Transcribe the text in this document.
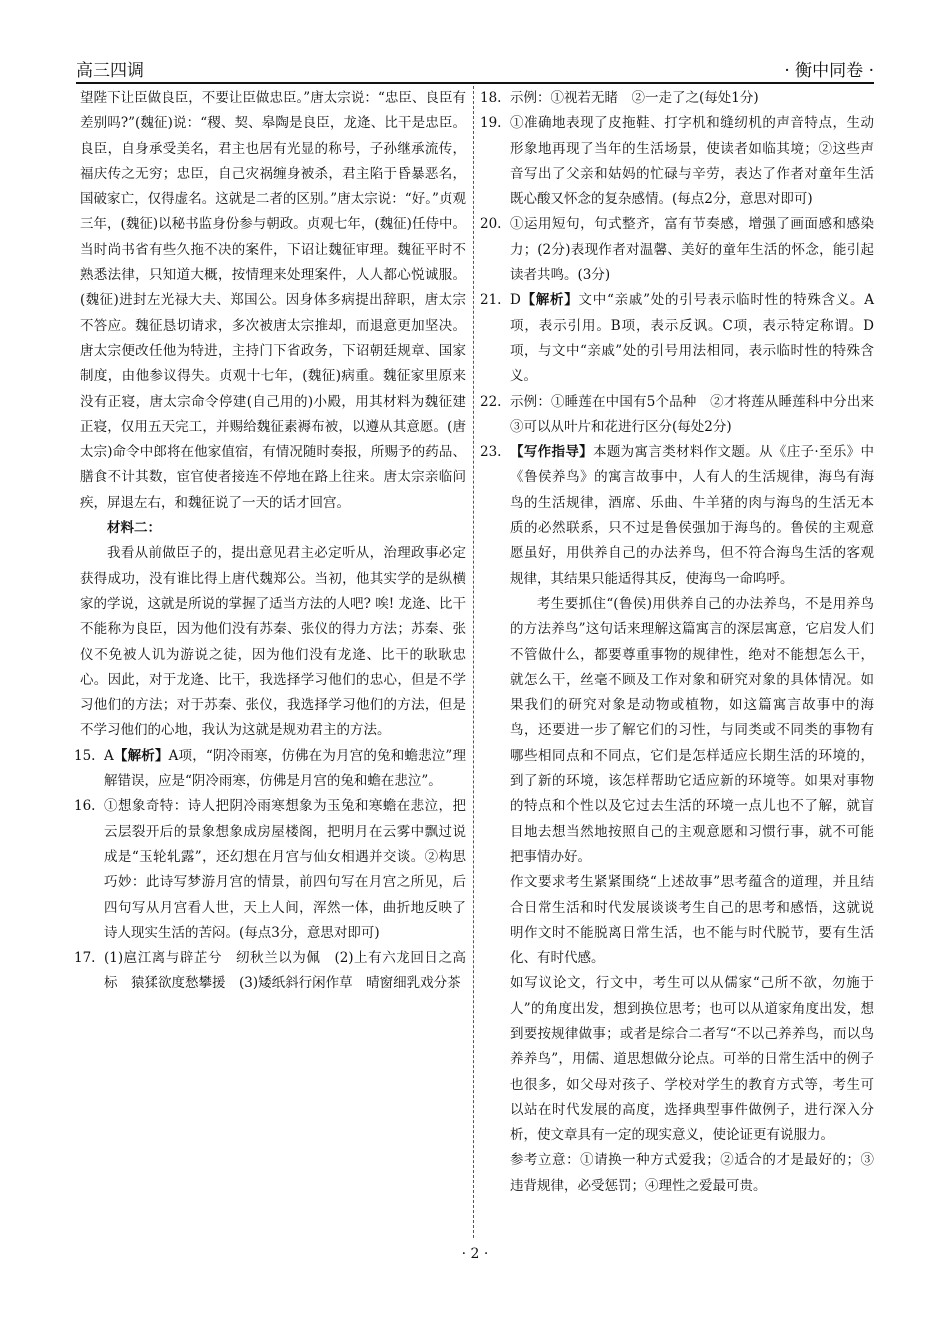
高三四调	· 衡中同卷 ·

望陛下让臣做良臣，不要让臣做忠臣。”唐太宗说：“忠臣、良臣有差别吗?”(魏征)说：“稷、契、皋陶是良臣，龙逄、比干是忠臣。良臣，自身承受美名，君主也居有光显的称号，子孙继承流传，福庆传之无穷；忠臣，自己灾祸缠身被杀，君主陷于昏暴恶名，国破家亡，仅得虚名。这就是二者的区别。”唐太宗说：“好。”贞观三年，(魏征)以秘书监身份参与朝政。贞观七年，(魏征)任侍中。当时尚书省有些久拖不决的案件，下诏让魏征审理。魏征平时不熟悉法律，只知道大概，按情理来处理案件，人人都心悦诚服。(魏征)进封左光禄大夫、郑国公。因身体多病提出辞职，唐太宗不答应。魏征恳切请求，多次被唐太宗推却，而退意更加坚决。唐太宗便改任他为特进，主持门下省政务，下诏朝廷规章、国家制度，由他参议得失。贞观十七年，(魏征)病重。魏征家里原来没有正寝，唐太宗命令停建(自己用的)小殿，用其材料为魏征建正寝，仅用五天完工，并赐给魏征素褥布被，以遵从其意愿。(唐太宗)命令中郎将在他家值宿，有情况随时奏报，所赐予的药品、膳食不计其数，宦官使者接连不停地在路上往来。唐太宗亲临问疾，屏退左右，和魏征说了一天的话才回宫。

材料二：

我看从前做臣子的，提出意见君主必定听从，治理政事必定获得成功，没有谁比得上唐代魏郑公。当初，他其实学的是纵横家的学说，这就是所说的掌握了适当方法的人吧? 唉! 龙逄、比干不能称为良臣，因为他们没有苏秦、张仪的得力方法；苏秦、张仪不免被人讥为游说之徒，因为他们没有龙逄、比干的耿耿忠心。因此，对于龙逄、比干，我选择学习他们的忠心，但是不学习他们的方法；对于苏秦、张仪，我选择学习他们的方法，但是不学习他们的心地，我认为这就是规劝君主的方法。

15. A【解析】A项，“阴冷雨寒，仿佛在为月宫的兔和蟾悲泣”理解错误，应是“阴冷雨寒，仿佛是月宫的兔和蟾在悲泣”。
16. ①想象奇特：诗人把阴冷雨寒想象为玉兔和寒蟾在悲泣，把云层裂开后的景象想象成房屋楼阁，把明月在云雾中飘过说成是“玉轮轧露”，还幻想在月宫与仙女相遇并交谈。②构思巧妙：此诗写梦游月宫的情景，前四句写在月宫之所见，后四句写从月宫看人世，天上人间，浑然一体，曲折地反映了诗人现实生活的苦闷。(每点3分，意思对即可)
17. (1)扈江离与辟芷兮　纫秋兰以为佩　(2)上有六龙回日之高标　猿猱欲度愁攀援　(3)矮纸斜行闲作草　晴窗细乳戏分茶
18. 示例：①视若无睹　②一走了之(每处1分)
19. ①准确地表现了皮拖鞋、打字机和缝纫机的声音特点，生动形象地再现了当年的生活场景，使读者如临其境；②这些声音写出了父亲和姑妈的忙碌与辛劳，表达了作者对童年生活既心酸又怀念的复杂感情。(每点2分，意思对即可)
20. ①运用短句，句式整齐，富有节奏感，增强了画面感和感染力；(2分)表现作者对温馨、美好的童年生活的怀念，能引起读者共鸣。(3分)
21. D【解析】文中“亲戚”处的引号表示临时性的特殊含义。A项，表示引用。B项，表示反讽。C项，表示特定称谓。D项，与文中“亲戚”处的引号用法相同，表示临时性的特殊含义。
22. 示例：①睡莲在中国有5个品种　②才将莲从睡莲科中分出来　③可以从叶片和花进行区分(每处2分)

23. 【写作指导】本题为寓言类材料作文题。从《庄子·至乐》中《鲁侯养鸟》的寓言故事中，人有人的生活规律，海鸟有海鸟的生活规律，酒席、乐曲、牛羊猪的肉与海鸟的生活无本质的必然联系，只不过是鲁侯强加于海鸟的。鲁侯的主观意愿虽好，用供养自己的办法养鸟，但不符合海鸟生活的客观规律，其结果只能适得其反，使海鸟一命呜呼。

考生要抓住“(鲁侯)用供养自己的办法养鸟，不是用养鸟的方法养鸟”这句话来理解这篇寓言的深层寓意，它启发人们不管做什么，都要尊重事物的规律性，绝对不能想怎么干，就怎么干，丝毫不顾及工作对象和研究对象的具体情况。如果我们的研究对象是动物或植物，如这篇寓言故事中的海鸟，还要进一步了解它们的习性，与同类或不同类的事物有哪些相同点和不同点，它们是怎样适应长期生活的环境的，到了新的环境，该怎样帮助它适应新的环境等。如果对事物的特点和个性以及它过去生活的环境一点儿也不了解，就盲目地去想当然地按照自己的主观意愿和习惯行事，就不可能把事情办好。

作文要求考生紧紧围绕“上述故事”思考蕴含的道理，并且结合日常生活和时代发展谈谈考生自己的思考和感悟，这就说明作文时不能脱离日常生活，也不能与时代脱节，要有生活化、有时代感。

如写议论文，行文中，考生可以从儒家“己所不欲，勿施于人”的角度出发，想到换位思考；也可以从道家角度出发，想到要按规律做事；或者是综合二者写“不以己养养鸟，而以鸟养养鸟”，用儒、道思想做分论点。可举的日常生活中的例子也很多，如父母对孩子、学校对学生的教育方式等，考生可以站在时代发展的高度，选择典型事件做例子，进行深入分析，使文章具有一定的现实意义，使论证更有说服力。

参考立意：①请换一种方式爱我；②适合的才是最好的；③违背规律，必受惩罚；④理性之爱最可贵。

· 2 ·
